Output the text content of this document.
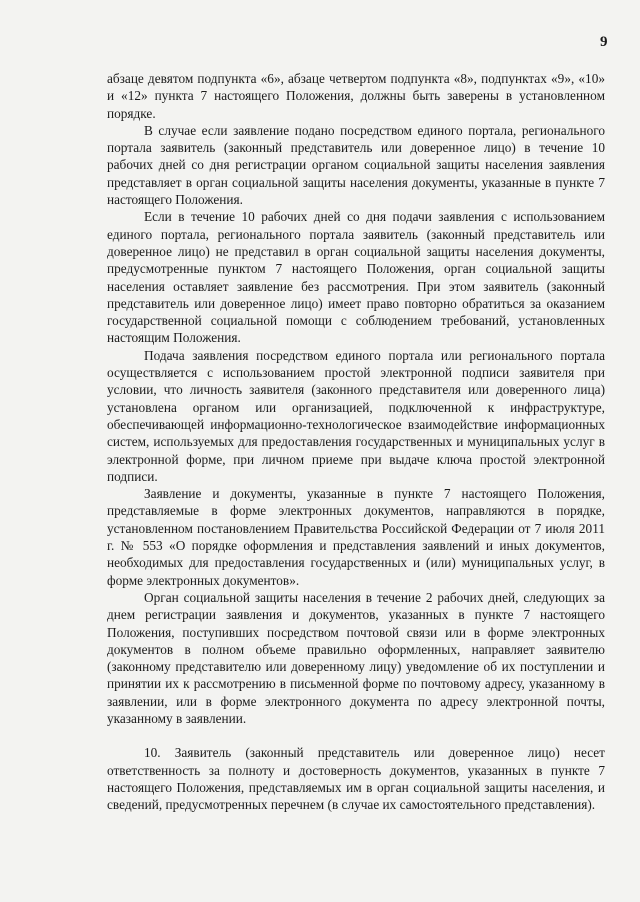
9

абзаце девятом подпункта «6», абзаце четвертом подпункта «8», подпунктах «9», «10» и «12» пункта 7 настоящего Положения, должны быть заверены в установленном порядке.

В случае если заявление подано посредством единого портала, регионального портала заявитель (законный представитель или доверенное лицо) в течение 10 рабочих дней со дня регистрации органом социальной защиты населения заявления представляет в орган социальной защиты населения документы, указанные в пункте 7 настоящего Положения.

Если в течение 10 рабочих дней со дня подачи заявления с использованием единого портала, регионального портала заявитель (законный представитель или доверенное лицо) не представил в орган социальной защиты населения документы, предусмотренные пунктом 7 настоящего Положения, орган социальной защиты населения оставляет заявление без рассмотрения. При этом заявитель (законный представитель или доверенное лицо) имеет право повторно обратиться за оказанием государственной социальной помощи с соблюдением требований, установленных настоящим Положения.

Подача заявления посредством единого портала или регионального портала осуществляется с использованием простой электронной подписи заявителя при условии, что личность заявителя (законного представителя или доверенного лица) установлена органом или организацией, подключенной к инфраструктуре, обеспечивающей информационно-технологическое взаимодействие информационных систем, используемых для предоставления государственных и муниципальных услуг в электронной форме, при личном приеме при выдаче ключа простой электронной подписи.

Заявление и документы, указанные в пункте 7 настоящего Положения, представляемые в форме электронных документов, направляются в порядке, установленном постановлением Правительства Российской Федерации от 7 июля 2011 г. № 553 «О порядке оформления и представления заявлений и иных документов, необходимых для предоставления государственных и (или) муниципальных услуг, в форме электронных документов».

Орган социальной защиты населения в течение 2 рабочих дней, следующих за днем регистрации заявления и документов, указанных в пункте 7 настоящего Положения, поступивших посредством почтовой связи или в форме электронных документов в полном объеме правильно оформленных, направляет заявителю (законному представителю или доверенному лицу) уведомление об их поступлении и принятии их к рассмотрению в письменной форме по почтовому адресу, указанному в заявлении, или в форме электронного документа по адресу электронной почты, указанному в заявлении.

10. Заявитель (законный представитель или доверенное лицо) несет ответственность за полноту и достоверность документов, указанных в пункте 7 настоящего Положения, представляемых им в орган социальной защиты населения, и сведений, предусмотренных перечнем (в случае их самостоятельного представления).
